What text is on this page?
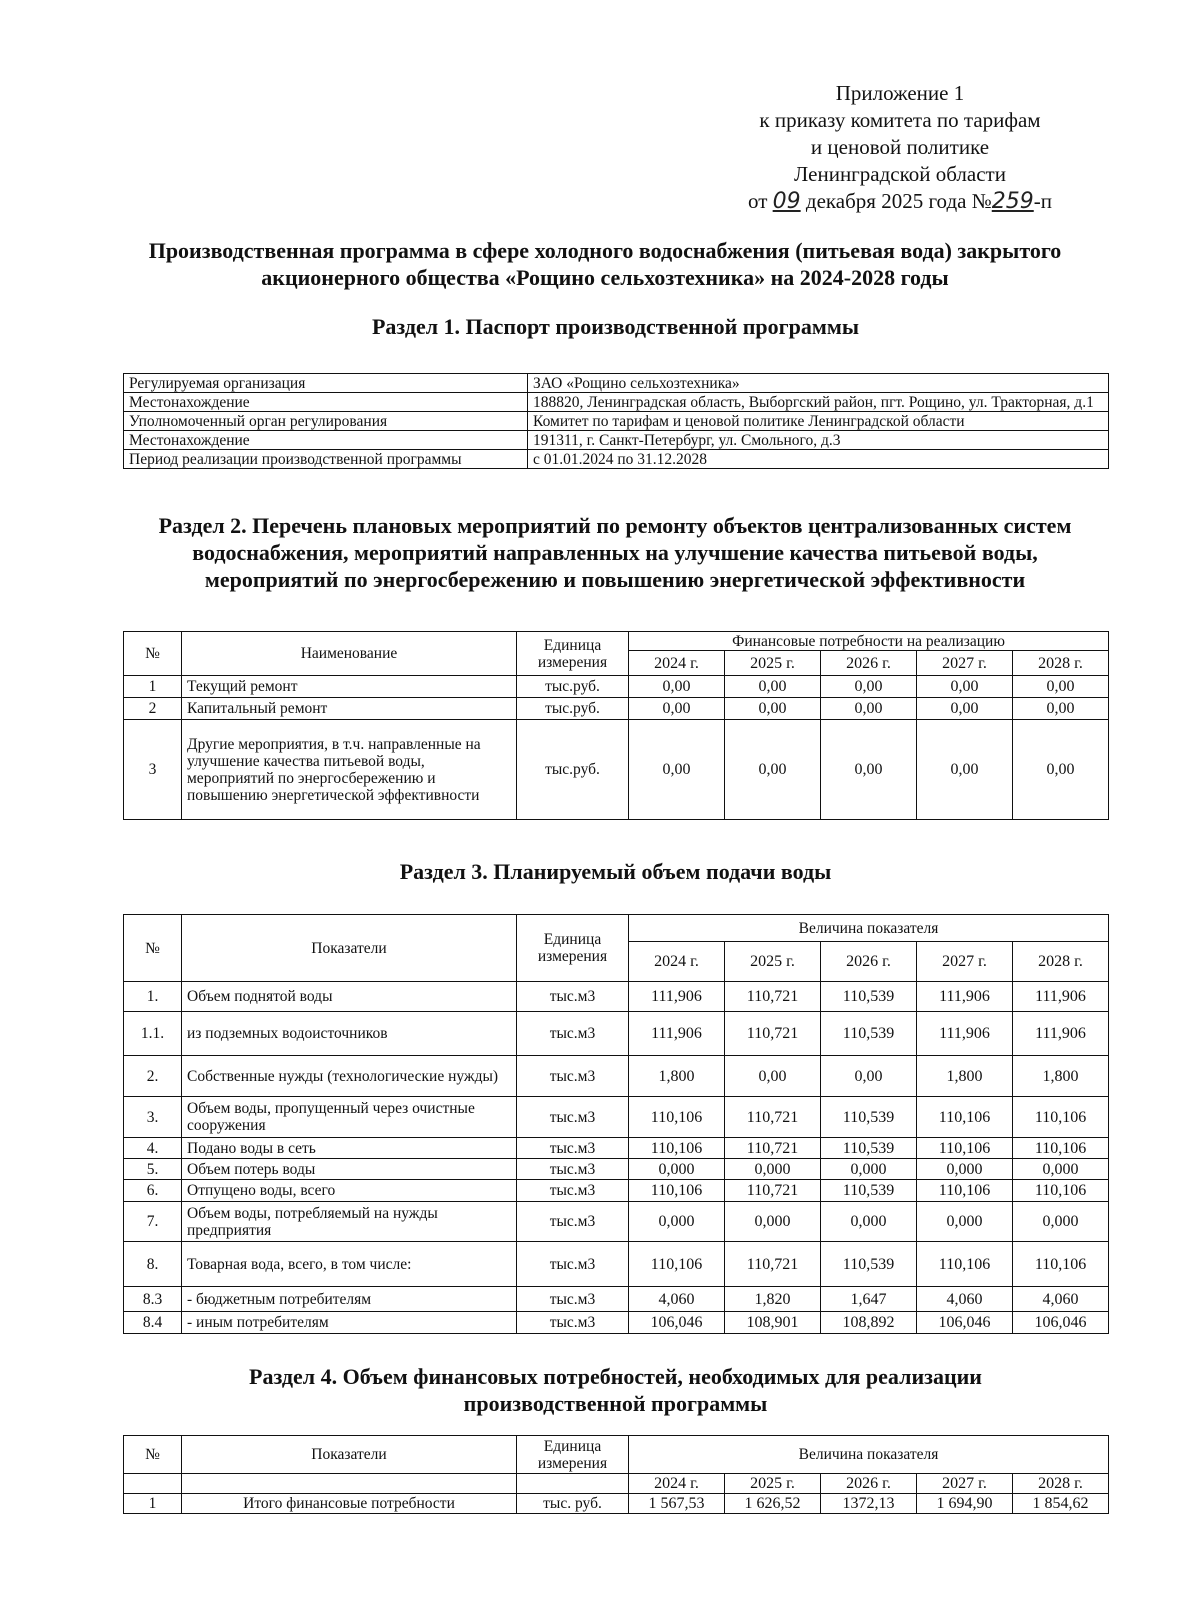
Приложение 1
к приказу комитета по тарифам
и ценовой политике
Ленинградской области
от 09 декабря 2025 года №259-п
Производственная программа в сфере холодного водоснабжения (питьевая вода) закрытого
акционерного общества «Рощино сельхозтехника» на 2024-2028 годы
Раздел 1. Паспорт производственной программы
Регулируемая организация	ЗАО «Рощино сельхозтехника»
Местонахождение	188820, Ленинградская область, Выборгский район, пгт. Рощино, ул. Тракторная, д.1
Уполномоченный орган регулирования	Комитет по тарифам и ценовой политике Ленинградской области
Местонахождение	191311, г. Санкт-Петербург, ул. Смольного, д.3
Период реализации производственной программы	с 01.01.2024 по 31.12.2028
Раздел 2. Перечень плановых мероприятий по ремонту объектов централизованных систем
водоснабжения, мероприятий направленных на улучшение качества питьевой воды,
мероприятий по энергосбережению и повышению энергетической эффективности
№	Наименование	Единица измерения	Финансовые потребности на реализацию				
			2024 г.	2025 г.	2026 г.	2027 г.	2028 г.
1	Текущий ремонт	тыс.руб.	0,00	0,00	0,00	0,00	0,00
2	Капитальный ремонт	тыс.руб.	0,00	0,00	0,00	0,00	0,00
3	Другие мероприятия, в т.ч. направленные на улучшение качества питьевой воды, мероприятий по энергосбережению и повышению энергетической эффективности	тыс.руб.	0,00	0,00	0,00	0,00	0,00
Раздел 3. Планируемый объем подачи воды
№	Показатели	Единица измерения	Величина показателя				
			2024 г.	2025 г.	2026 г.	2027 г.	2028 г.
1.	Объем поднятой воды	тыс.м3	111,906	110,721	110,539	111,906	111,906
1.1.	из подземных водоисточников	тыс.м3	111,906	110,721	110,539	111,906	111,906
2.	Собственные нужды (технологические нужды)	тыс.м3	1,800	0,00	0,00	1,800	1,800
3.	Объем воды, пропущенный через очистные сооружения	тыс.м3	110,106	110,721	110,539	110,106	110,106
4.	Подано воды в сеть	тыс.м3	110,106	110,721	110,539	110,106	110,106
5.	Объем потерь воды	тыс.м3	0,000	0,000	0,000	0,000	0,000
6.	Отпущено воды, всего	тыс.м3	110,106	110,721	110,539	110,106	110,106
7.	Объем воды, потребляемый на нужды предприятия	тыс.м3	0,000	0,000	0,000	0,000	0,000
8.	Товарная вода, всего, в том числе:	тыс.м3	110,106	110,721	110,539	110,106	110,106
8.3	- бюджетным потребителям	тыс.м3	4,060	1,820	1,647	4,060	4,060
8.4	- иным потребителям	тыс.м3	106,046	108,901	108,892	106,046	106,046
Раздел 4. Объем финансовых потребностей, необходимых для реализации
производственной программы
№	Показатели	Единица измерения	Величина показателя				
			2024 г.	2025 г.	2026 г.	2027 г.	2028 г.
1	Итого финансовые потребности	тыс. руб.	1 567,53	1 626,52	1372,13	1 694,90	1 854,62
